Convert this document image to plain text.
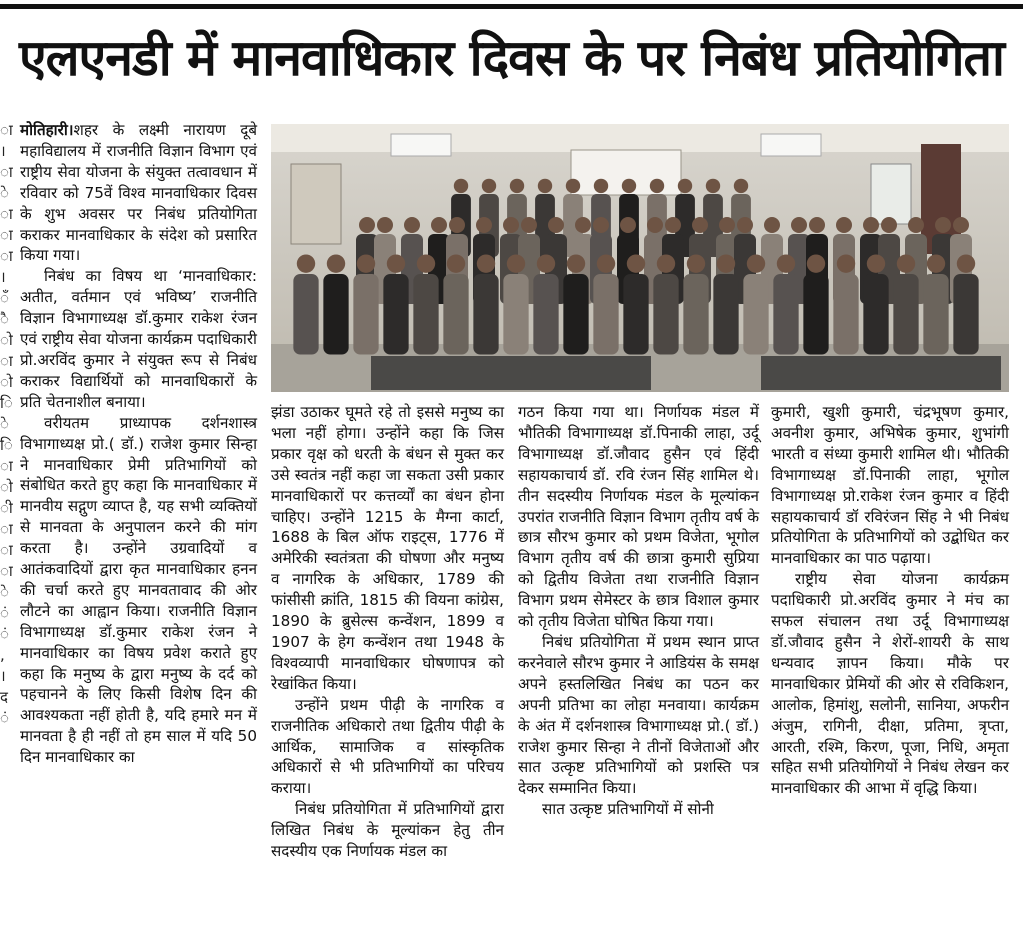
एलएनडी में मानवाधिकार दिवस के पर निबंध प्रतियोगिता
ा
।
ा
े
ा
ा
ा
।
ँ
ै
ो
ा
ो
ि
े
ि
ा
ो
ी
ा
ा
ा
े
ं
ं
,
।
द
ं

मोतिहारी।शहर के लक्ष्मी नारायण दूबे महाविद्यालय में राजनीति विज्ञान विभाग एवं राष्ट्रीय सेवा योजना के संयुक्त तत्वावधान में रविवार को 75वें विश्व मानवाधिकार दिवस के शुभ अवसर पर निबंध प्रतियोगिता कराकर मानवाधिकार के संदेश को प्रसारित किया गया।

निबंध का विषय था ‘मानवाधिकार: अतीत, वर्तमान एवं भविष्य’ राजनीति विज्ञान विभागाध्यक्ष डॉ.कुमार राकेश रंजन एवं राष्ट्रीय सेवा योजना कार्यक्रम पदाधिकारी प्रो.अरविंद कुमार ने संयुक्त रूप से निबंध कराकर विद्यार्थियों को मानवाधिकारों के प्रति चेतनाशील बनाया।

वरीयतम प्राध्यापक दर्शनशास्त्र विभागाध्यक्ष प्रो.( डॉ.) राजेश कुमार सिन्हा ने मानवाधिकार प्रेमी प्रतिभागियों को संबोधित करते हुए कहा कि मानवाधिकार में मानवीय सद्गुण व्याप्त है, यह सभी व्यक्तियों से मानवता के अनुपालन करने की मांग करता है। उन्होंने उग्रवादियों व आतंकवादियों द्वारा कृत मानवाधिकार हनन की चर्चा करते हुए मानवतावाद की ओर लौटने का आह्वान किया। राजनीति विज्ञान विभागाध्यक्ष डॉ.कुमार राकेश रंजन ने मानवाधिकार का विषय प्रवेश कराते हुए कहा कि मनुष्य के द्वारा मनुष्य के दर्द को पहचानने के लिए किसी विशेष दिन की आवश्यकता नहीं होती है, यदि हमारे मन में मानवता है ही नहीं तो हम साल में यदि 50 दिन मानवाधिकार का

झंडा उठाकर घूमते रहे तो इससे मनुष्य का भला नहीं होगा। उन्होंने कहा कि जिस प्रकार वृक्ष को धरती के बंधन से मुक्त कर उसे स्वतंत्र नहीं कहा जा सकता उसी प्रकार मानवाधिकारों पर कत्तर्व्यों का बंधन होना चाहिए। उन्होंने 1215 के मैग्ना कार्टा, 1688 के बिल ऑफ राइट्स, 1776 में अमेरिकी स्वतंत्रता की घोषणा और मनुष्य व नागरिक के अधिकार, 1789 की फांसीसी क्रांति, 1815 की वियना कांग्रेस, 1890 के ब्रुसेल्स कन्वेंशन, 1899 व 1907 के हेग कन्वेंशन तथा 1948 के विश्वव्यापी मानवाधिकार घोषणापत्र को रेखांकित किया।

उन्होंने प्रथम पीढ़ी के नागरिक व राजनीतिक अधिकारो तथा द्वितीय पीढ़ी के आर्थिक, सामाजिक व सांस्कृतिक अधिकारों से भी प्रतिभागियों का परिचय कराया।

निबंध प्रतियोगिता में प्रतिभागियों द्वारा लिखित निबंध के मूल्यांकन हेतु तीन सदस्यीय एक निर्णायक मंडल का

गठन किया गया था। निर्णायक मंडल में भौतिकी विभागाध्यक्ष डॉ.पिनाकी लाहा, उर्दू विभागाध्यक्ष डॉ.जौवाद हुसैन एवं हिंदी सहायकाचार्य डॉ. रवि रंजन सिंह शामिल थे। तीन सदस्यीय निर्णायक मंडल के मूल्यांकन उपरांत राजनीति विज्ञान विभाग तृतीय वर्ष के छात्र सौरभ कुमार को प्रथम विजेता, भूगोल विभाग तृतीय वर्ष की छात्रा कुमारी सुप्रिया को द्वितीय विजेता तथा राजनीति विज्ञान विभाग प्रथम सेमेस्टर के छात्र विशाल कुमार को तृतीय विजेता घोषित किया गया।

निबंध प्रतियोगिता में प्रथम स्थान प्राप्त करनेवाले सौरभ कुमार ने आडियंस के समक्ष अपने हस्तलिखित निबंध का पठन कर अपनी प्रतिभा का लोहा मनवाया। कार्यक्रम के अंत में दर्शनशास्त्र विभागाध्यक्ष प्रो.( डॉ.) राजेश कुमार सिन्हा ने तीनों विजेताओं और सात उत्कृष्ट प्रतिभागियों को प्रशस्ति पत्र देकर सम्मानित किया।

सात उत्कृष्ट प्रतिभागियों में सोनी

कुमारी, खुशी कुमारी, चंद्रभूषण कुमार, अवनीश कुमार, अभिषेक कुमार, शुभांगी भारती व संध्या कुमारी शामिल थी। भौतिकी विभागाध्यक्ष डॉ.पिनाकी लाहा, भूगोल विभागाध्यक्ष प्रो.राकेश रंजन कुमार व हिंदी सहायकाचार्य डॉ रविरंजन सिंह ने भी निबंध प्रतियोगिता के प्रतिभागियों को उद्बोधित कर मानवाधिकार का पाठ पढ़ाया।

राष्ट्रीय सेवा योजना कार्यक्रम पदाधिकारी प्रो.अरविंद कुमार ने मंच का सफल संचालन तथा उर्दू विभागाध्यक्ष डॉ.जौवाद हुसैन ने शेरों-शायरी के साथ धन्यवाद ज्ञापन किया। मौके पर मानवाधिकार प्रेमियों की ओर से रविकिशन, आलोक, हिमांशु, सलोनी, सानिया, अफरीन अंजुम, रागिनी, दीक्षा, प्रतिमा, त्रृप्ता, आरती, रश्मि, किरण, पूजा, निधि, अमृता सहित सभी प्रतियोगियों ने निबंध लेखन कर मानवाधिकार की आभा में वृद्धि किया।
